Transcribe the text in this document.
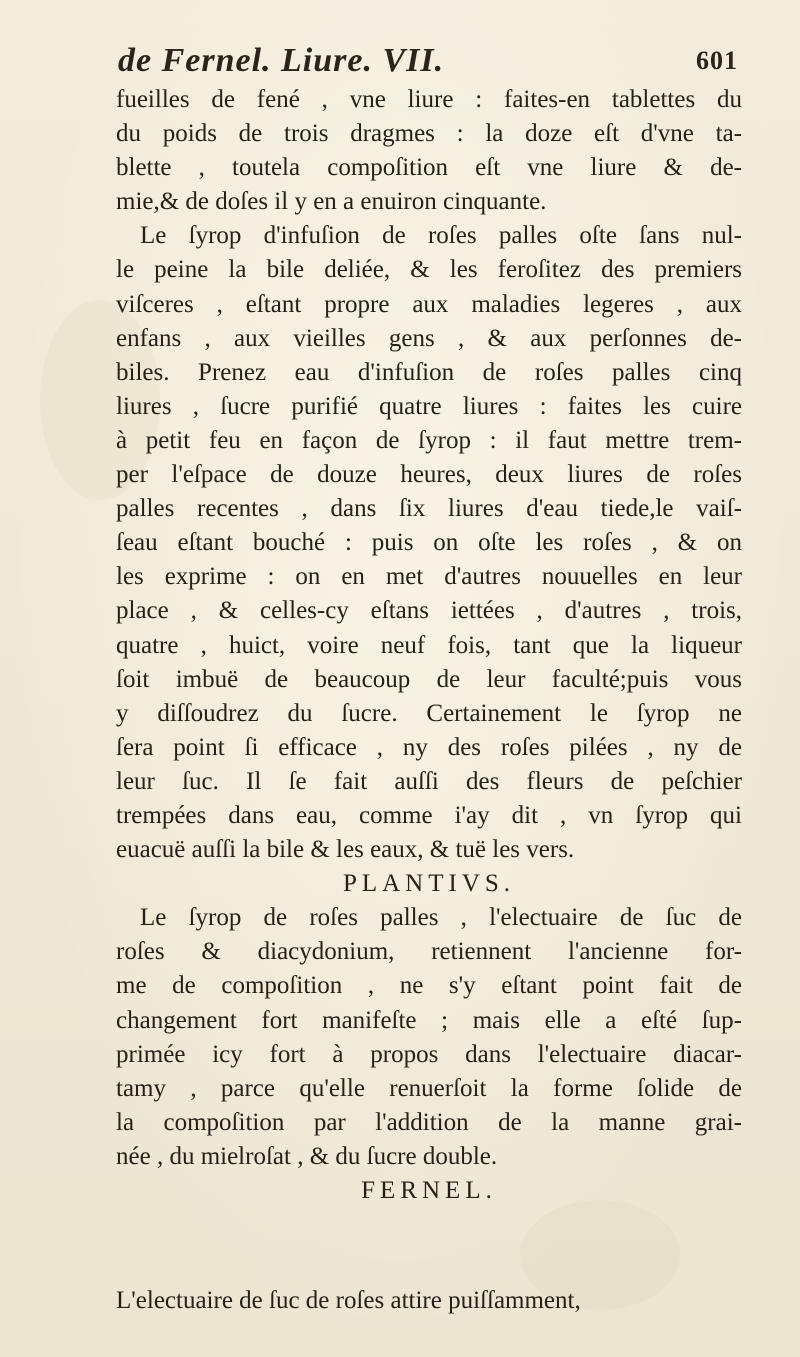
de Fernel. Liure. VII.	601
fueilles de fené , vne liure : faites-en tablettes du
du poids de trois dragmes : la doze eſt d'vne ta-
blette , toutela compoſition eſt vne liure & de-
mie,& de doſes il y en a enuiron cinquante.
Le ſyrop d'infuſion de roſes palles oſte ſans nul-
le peine la bile deliée, & les feroſitez des premiers
viſceres , eſtant propre aux maladies legeres , aux
enfans , aux vieilles gens , & aux perſonnes de-
biles. Prenez eau d'infuſion de roſes palles cinq
liures , ſucre purifié quatre liures : faites les cuire
à petit feu en façon de ſyrop : il faut mettre trem-
per l'eſpace de douze heures, deux liures de roſes
palles recentes , dans ſix liures d'eau tiede,le vaiſ-
ſeau eſtant bouché : puis on oſte les roſes , & on
les exprime : on en met d'autres nouuelles en leur
place , & celles-cy eſtans iettées , d'autres , trois,
quatre , huict, voire neuf fois, tant que la liqueur
ſoit imbuë de beaucoup de leur faculté;puis vous
y diſſoudrez du ſucre. Certainement le ſyrop ne
ſera point ſi efficace , ny des roſes pilées , ny de
leur ſuc. Il ſe fait auſſi des fleurs de peſchier
trempées dans eau, comme i'ay dit , vn ſyrop qui
euacuë auſſi la bile & les eaux, & tuë les vers.
PLANTIVS.
Le ſyrop de roſes palles , l'electuaire de ſuc de
roſes & diacydonium, retiennent l'ancienne for-
me de compoſition , ne s'y eſtant point fait de
changement fort manifeſte ; mais elle a eſté ſup-
primée icy fort à propos dans l'electuaire diacar-
tamy , parce qu'elle renuerſoit la forme ſolide de
la compoſition par l'addition de la manne grai-
née , du mielroſat , & du ſucre double.
FERNEL.
L'electuaire de ſuc de roſes attire puiſſamment,
